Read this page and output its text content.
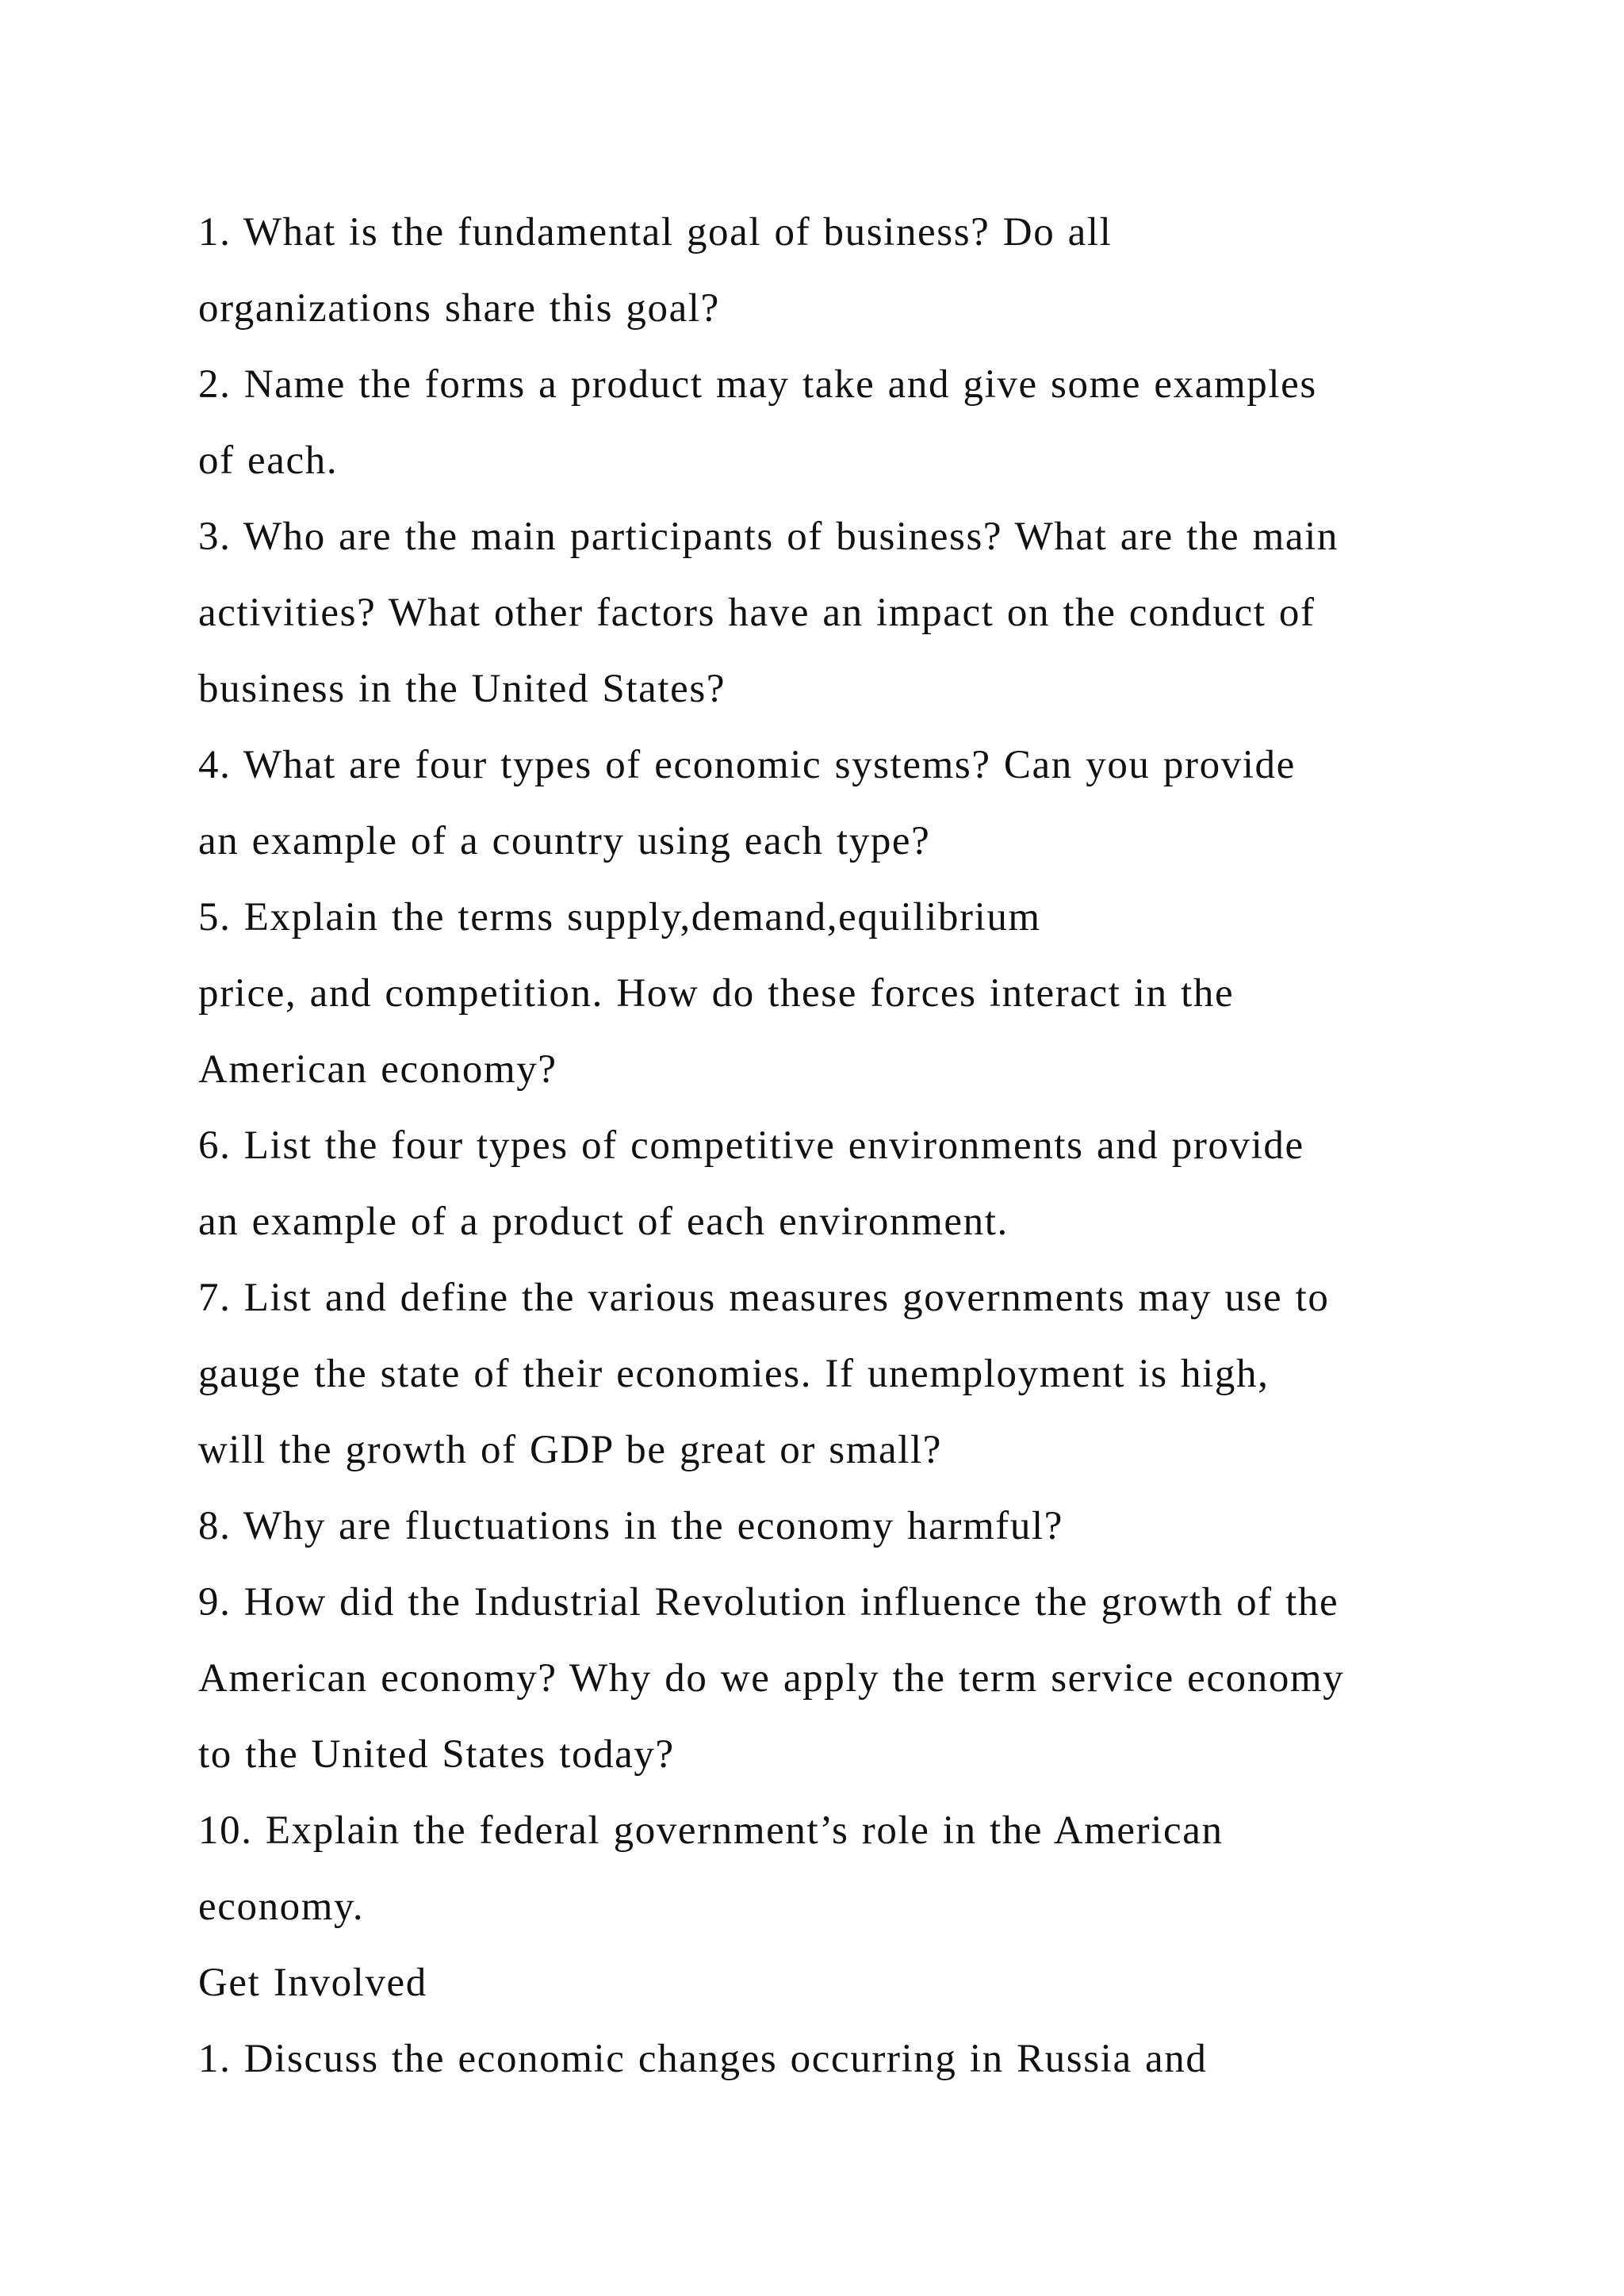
1. What is the fundamental goal of business? Do all
organizations share this goal?
2. Name the forms a product may take and give some examples
of each.
3. Who are the main participants of business? What are the main
activities? What other factors have an impact on the conduct of
business in the United States?
4. What are four types of economic systems? Can you provide
an example of a country using each type?
5. Explain the terms supply,demand,equilibrium
price, and competition. How do these forces interact in the
American economy?
6. List the four types of competitive environments and provide
an example of a product of each environment.
7. List and define the various measures governments may use to
gauge the state of their economies. If unemployment is high,
will the growth of GDP be great or small?
8. Why are fluctuations in the economy harmful?
9. How did the Industrial Revolution influence the growth of the
American economy? Why do we apply the term service economy
to the United States today?
10. Explain the federal government’s role in the American
economy.
Get Involved
1. Discuss the economic changes occurring in Russia and
